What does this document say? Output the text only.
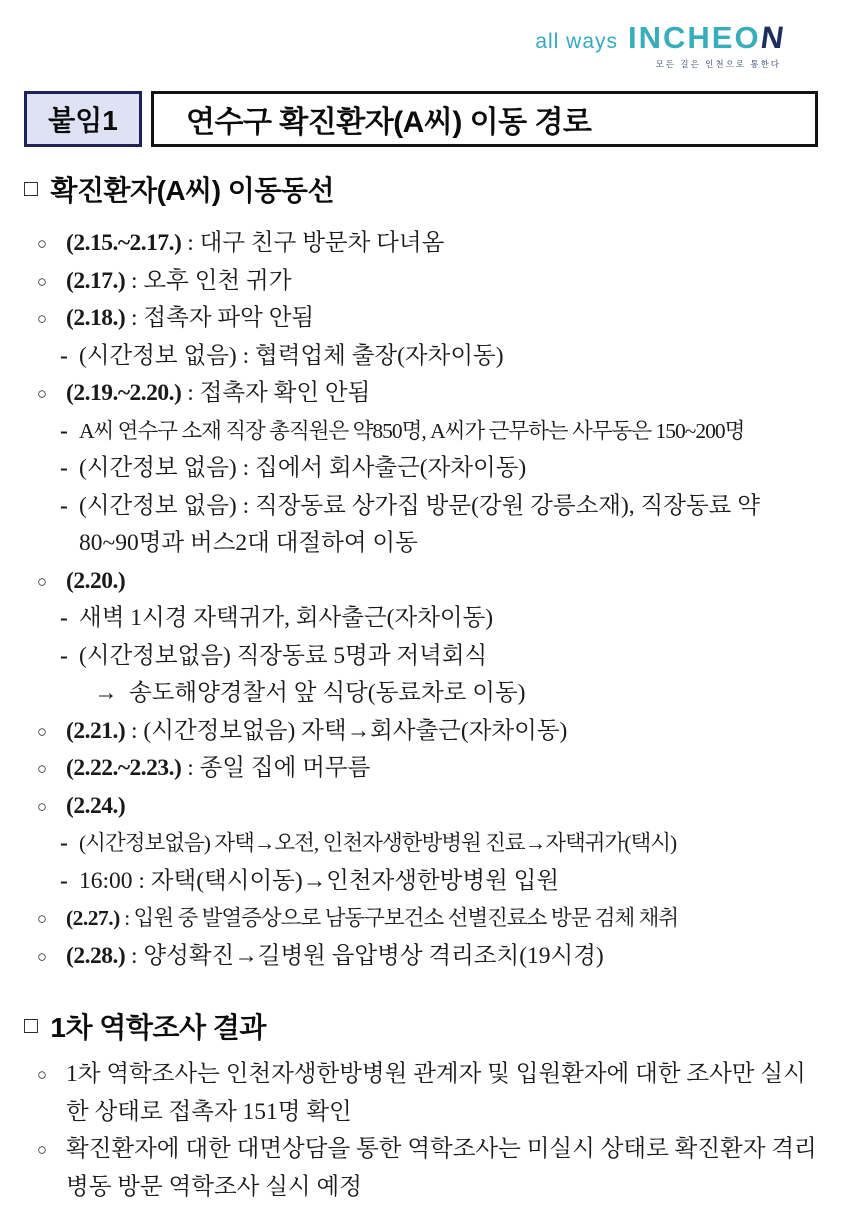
all ways INCHEON
모든 길은 인천으로 통한다
붙임1	연수구 확진환자(A씨) 이동 경로
□ 확진환자(A씨) 이동동선
○ (2.15.~2.17.) : 대구 친구 방문차 다녀옴
○ (2.17.) : 오후 인천 귀가
○ (2.18.) : 접촉자 파악 안됨
- (시간정보 없음) : 협력업체 출장(자차이동)
○ (2.19.~2.20.) : 접촉자 확인 안됨
- A씨 연수구 소재 직장 총직원은 약850명, A씨가 근무하는 사무동은 150~200명
- (시간정보 없음) : 집에서 회사출근(자차이동)
- (시간정보 없음) : 직장동료 상가집 방문(강원 강릉소재), 직장동료 약 80~90명과 버스2대 대절하여 이동
○ (2.20.)
- 새벽 1시경 자택귀가, 회사출근(자차이동)
- (시간정보없음) 직장동료 5명과 저녁회식
→ 송도해양경찰서 앞 식당(동료차로 이동)
○ (2.21.) : (시간정보없음) 자택→회사출근(자차이동)
○ (2.22.~2.23.) : 종일 집에 머무름
○ (2.24.)
- (시간정보없음) 자택→오전, 인천자생한방병원 진료→자택귀가(택시)
- 16:00 : 자택(택시이동)→인천자생한방병원 입원
○ (2.27.) : 입원 중 발열증상으로 남동구보건소 선별진료소 방문 검체 채취
○ (2.28.) : 양성확진→길병원 읍압병상 격리조치(19시경)
□ 1차 역학조사 결과
○ 1차 역학조사는 인천자생한방병원 관계자 및 입원환자에 대한 조사만 실시한 상태로 접촉자 151명 확인
○ 확진환자에 대한 대면상담을 통한 역학조사는 미실시 상태로 확진환자 격리병동 방문 역학조사 실시 예정
